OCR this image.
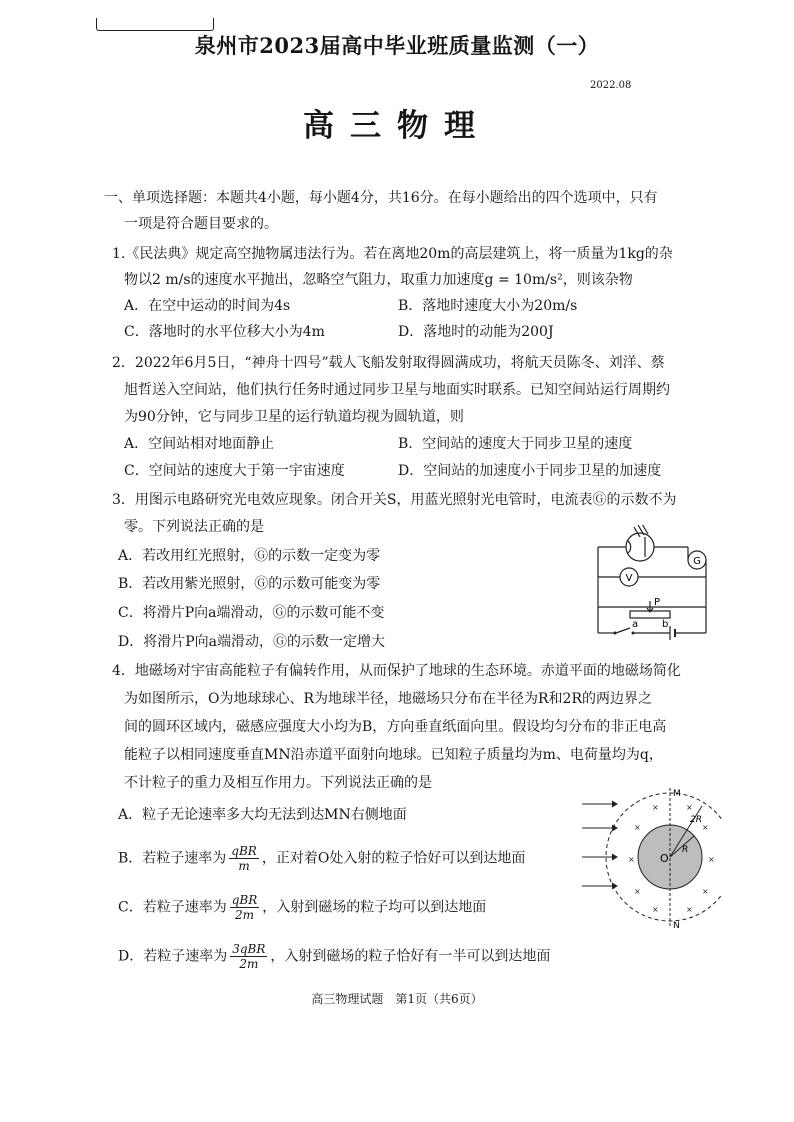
泉州市2023届高中毕业班质量监测（一）
2022.08
高三物理
一、单项选择题：本题共4小题，每小题4分，共16分。在每小题给出的四个选项中，只有
一项是符合题目要求的。
1.《民法典》规定高空抛物属违法行为。若在离地20m的高层建筑上，将一质量为1kg的杂
物以2 m/s的速度水平抛出，忽略空气阻力，取重力加速度g = 10m/s²，则该杂物
A．在空中运动的时间为4s	B．落地时速度大小为20m/s
C．落地时的水平位移大小为4m	D．落地时的动能为200J
2．2022年6月5日，“神舟十四号”载人飞船发射取得圆满成功，将航天员陈冬、刘洋、蔡
旭哲送入空间站，他们执行任务时通过同步卫星与地面实时联系。已知空间站运行周期约
为90分钟，它与同步卫星的运行轨道均视为圆轨道，则
A．空间站相对地面静止	B．空间站的速度大于同步卫星的速度
C．空间站的速度大于第一宇宙速度	D．空间站的加速度小于同步卫星的加速度
3．用图示电路研究光电效应现象。闭合开关S，用蓝光照射光电管时，电流表Ⓖ的示数不为
零。下列说法正确的是
A．若改用红光照射，Ⓖ的示数一定变为零
B．若改用紫光照射，Ⓖ的示数可能变为零
C．将滑片P向a端滑动，Ⓖ的示数可能不变
D．将滑片P向a端滑动，Ⓖ的示数一定增大
G
V
P
a b
4．地磁场对宇宙高能粒子有偏转作用，从而保护了地球的生态环境。赤道平面的地磁场简化
为如图所示，O为地球球心、R为地球半径，地磁场只分布在半径为R和2R的两边界之
间的圆环区域内，磁感应强度大小均为B，方向垂直纸面向里。假设均匀分布的非正电高
能粒子以相同速度垂直MN沿赤道平面射向地球。已知粒子质量均为m、电荷量均为q，
不计粒子的重力及相互作用力。下列说法正确的是
A．粒子无论速率多大均无法到达MN右侧地面
B．若粒子速率为 $\frac{\text{qBR}}{m}$ ，正对着O处入射的粒子恰好可以到达地面
C．若粒子速率为 $\frac{\text{qBR}}{2m}$ ，入射到磁场的粒子均可以到达地面
D．若粒子速率为 $\frac{\text{3qBR}}{2m}$ ，入射到磁场的粒子恰好有一半可以到达地面
×	×
×	×
×	×
×	×
×	×
M
N
O
R
2R
高三物理试题　第1页（共6页）
